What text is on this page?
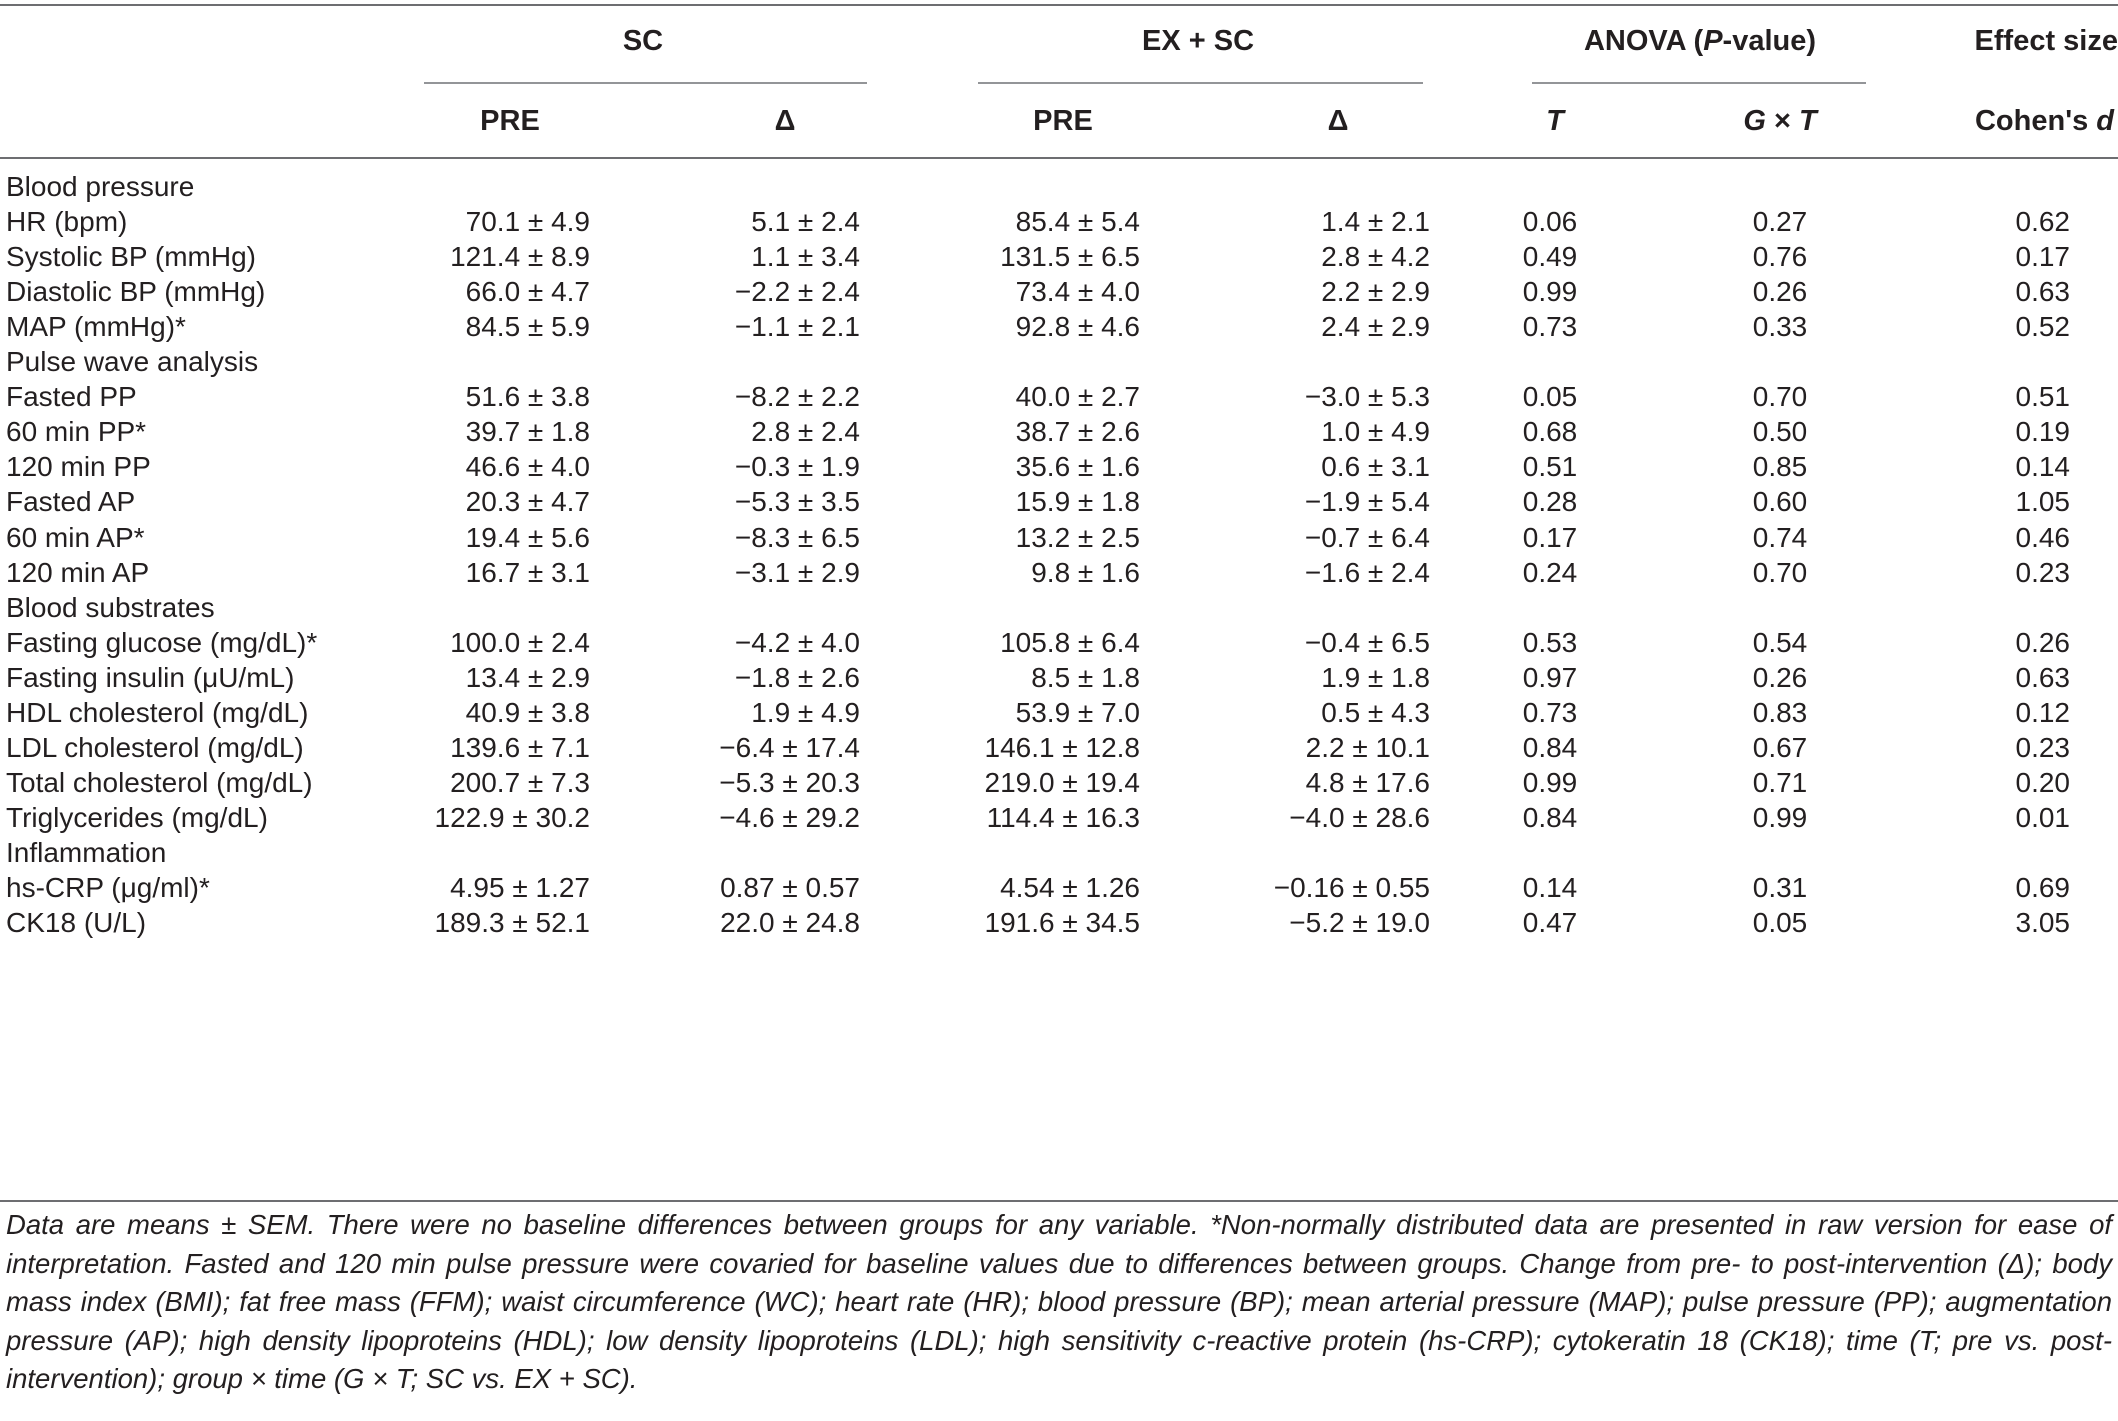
SC	EX + SC	ANOVA (P-value)	Effect size
PRE	Δ	PRE	Δ	T	G × T	Cohen's d
Blood pressure
HR (bpm)	70.1 ± 4.9	5.1 ± 2.4	85.4 ± 5.4	1.4 ± 2.1	0.06	0.27	0.62
Systolic BP (mmHg)	121.4 ± 8.9	1.1 ± 3.4	131.5 ± 6.5	2.8 ± 4.2	0.49	0.76	0.17
Diastolic BP (mmHg)	66.0 ± 4.7	−2.2 ± 2.4	73.4 ± 4.0	2.2 ± 2.9	0.99	0.26	0.63
MAP (mmHg)*	84.5 ± 5.9	−1.1 ± 2.1	92.8 ± 4.6	2.4 ± 2.9	0.73	0.33	0.52
Pulse wave analysis
Fasted PP	51.6 ± 3.8	−8.2 ± 2.2	40.0 ± 2.7	−3.0 ± 5.3	0.05	0.70	0.51
60 min PP*	39.7 ± 1.8	2.8 ± 2.4	38.7 ± 2.6	1.0 ± 4.9	0.68	0.50	0.19
120 min PP	46.6 ± 4.0	−0.3 ± 1.9	35.6 ± 1.6	0.6 ± 3.1	0.51	0.85	0.14
Fasted AP	20.3 ± 4.7	−5.3 ± 3.5	15.9 ± 1.8	−1.9 ± 5.4	0.28	0.60	1.05
60 min AP*	19.4 ± 5.6	−8.3 ± 6.5	13.2 ± 2.5	−0.7 ± 6.4	0.17	0.74	0.46
120 min AP	16.7 ± 3.1	−3.1 ± 2.9	9.8 ± 1.6	−1.6 ± 2.4	0.24	0.70	0.23
Blood substrates
Fasting glucose (mg/dL)*	100.0 ± 2.4	−4.2 ± 4.0	105.8 ± 6.4	−0.4 ± 6.5	0.53	0.54	0.26
Fasting insulin (μU/mL)	13.4 ± 2.9	−1.8 ± 2.6	8.5 ± 1.8	1.9 ± 1.8	0.97	0.26	0.63
HDL cholesterol (mg/dL)	40.9 ± 3.8	1.9 ± 4.9	53.9 ± 7.0	0.5 ± 4.3	0.73	0.83	0.12
LDL cholesterol (mg/dL)	139.6 ± 7.1	−6.4 ± 17.4	146.1 ± 12.8	2.2 ± 10.1	0.84	0.67	0.23
Total cholesterol (mg/dL)	200.7 ± 7.3	−5.3 ± 20.3	219.0 ± 19.4	4.8 ± 17.6	0.99	0.71	0.20
Triglycerides (mg/dL)	122.9 ± 30.2	−4.6 ± 29.2	114.4 ± 16.3	−4.0 ± 28.6	0.84	0.99	0.01
Inflammation
hs-CRP (μg/ml)*	4.95 ± 1.27	0.87 ± 0.57	4.54 ± 1.26	−0.16 ± 0.55	0.14	0.31	0.69
CK18 (U/L)	189.3 ± 52.1	22.0 ± 24.8	191.6 ± 34.5	−5.2 ± 19.0	0.47	0.05	3.05
Data are means ± SEM. There were no baseline differences between groups for any variable. *Non-normally distributed data are presented in raw version for ease of interpretation. Fasted and 120 min pulse pressure were covaried for baseline values due to differences between groups. Change from pre- to post-intervention (Δ); body mass index (BMI); fat free mass (FFM); waist circumference (WC); heart rate (HR); blood pressure (BP); mean arterial pressure (MAP); pulse pressure (PP); augmentation pressure (AP); high density lipoproteins (HDL); low density lipoproteins (LDL); high sensitivity c-reactive protein (hs-CRP); cytokeratin 18 (CK18); time (T; pre vs. post-intervention); group × time (G × T; SC vs. EX + SC).
